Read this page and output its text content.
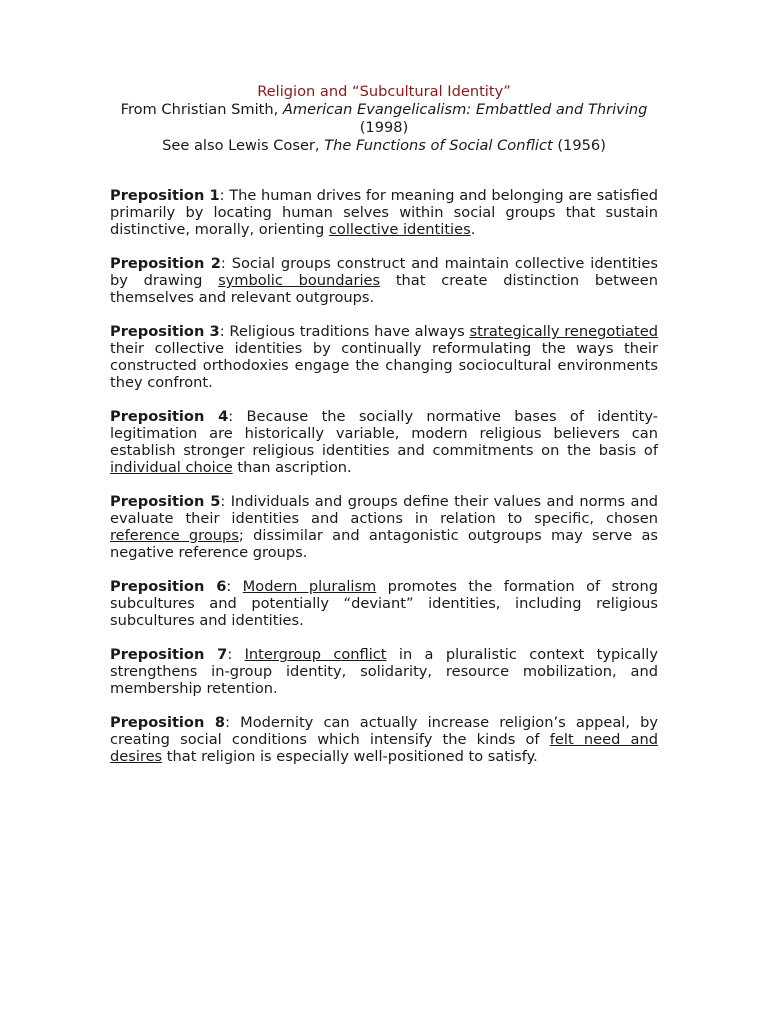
Religion and “Subcultural Identity”
From Christian Smith, American Evangelicalism: Embattled and Thriving (1998)
See also Lewis Coser, The Functions of Social Conflict (1956)

Preposition 1: The human drives for meaning and belonging are satisfied primarily by locating human selves within social groups that sustain distinctive, morally, orienting collective identities.

Preposition 2: Social groups construct and maintain collective identities by drawing symbolic boundaries that create distinction between themselves and relevant outgroups.

Preposition 3: Religious traditions have always strategically renegotiated their collective identities by continually reformulating the ways their constructed orthodoxies engage the changing sociocultural environments they confront.

Preposition 4: Because the socially normative bases of identity-legitimation are historically variable, modern religious believers can establish stronger religious identities and commitments on the basis of individual choice than ascription.

Preposition 5: Individuals and groups define their values and norms and evaluate their identities and actions in relation to specific, chosen reference groups; dissimilar and antagonistic outgroups may serve as negative reference groups.

Preposition 6: Modern pluralism promotes the formation of strong subcultures and potentially “deviant” identities, including religious subcultures and identities.

Preposition 7: Intergroup conflict in a pluralistic context typically strengthens in-group identity, solidarity, resource mobilization, and membership retention.

Preposition 8: Modernity can actually increase religion’s appeal, by creating social conditions which intensify the kinds of felt need and desires that religion is especially well-positioned to satisfy.
